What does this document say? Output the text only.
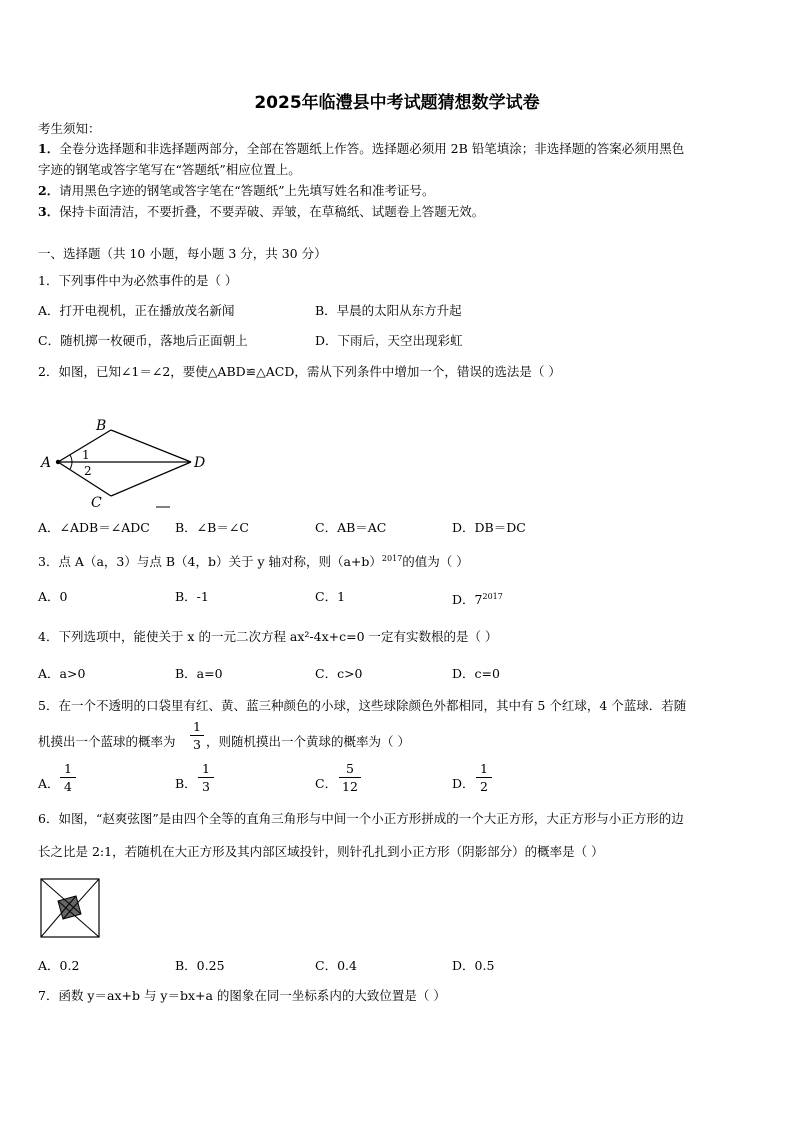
2025年临澧县中考试题猜想数学试卷
考生须知：
1．全卷分选择题和非选择题两部分，全部在答题纸上作答。选择题必须用 2B 铅笔填涂；非选择题的答案必须用黑色
字迹的钢笔或答字笔写在“答题纸”相应位置上。
2．请用黑色字迹的钢笔或答字笔在“答题纸”上先填写姓名和准考证号。
3．保持卡面清洁，不要折叠，不要弄破、弄皱，在草稿纸、试题卷上答题无效。
一、选择题（共 10 小题，每小题 3 分，共 30 分）
1．下列事件中为必然事件的是（ ）
A．打开电视机，正在播放茂名新闻	B．早晨的太阳从东方升起
C．随机掷一枚硬币，落地后正面朝上	D．下雨后，天空出现彩虹
2．如图，已知∠1＝∠2，要使△ABD≌△ACD，需从下列条件中增加一个，错误的选法是（ ）
A
B
C
D
1
2
A．∠ADB＝∠ADC B．∠B＝∠C	C．AB＝AC	D．DB＝DC
3．点 A（a，3）与点 B（4，b）关于 y 轴对称，则$(a+b)^{2017}$的值为（ ）
A．0	B．-1	C．1	D．$7^{2017}$
4．下列选项中，能使关于 x 的一元二次方程 ax²-4x+c=0 一定有实数根的是（ ）
A．a>0	B．a=0	C．c>0	D．c=0
5．在一个不透明的口袋里有红、黄、蓝三种颜色的小球，这些球除颜色外都相同，其中有 5 个红球，4 个蓝球．若随
机摸出一个蓝球的概率为
1
3 ，则随机摸出一个黄球的概率为（ ）
A．
1
4	B．
1
3	C．
5
12	D．
1
2
6．如图，“赵爽弦图”是由四个全等的直角三角形与中间一个小正方形拼成的一个大正方形，大正方形与小正方形的边
长之比是 2:1，若随机在大正方形及其内部区域投针，则针孔扎到小正方形（阴影部分）的概率是（ ）
A．0.2	B．0.25	C．0.4	D．0.5
7．函数 y＝ax+b 与 y＝bx+a 的图象在同一坐标系内的大致位置是（ ）
